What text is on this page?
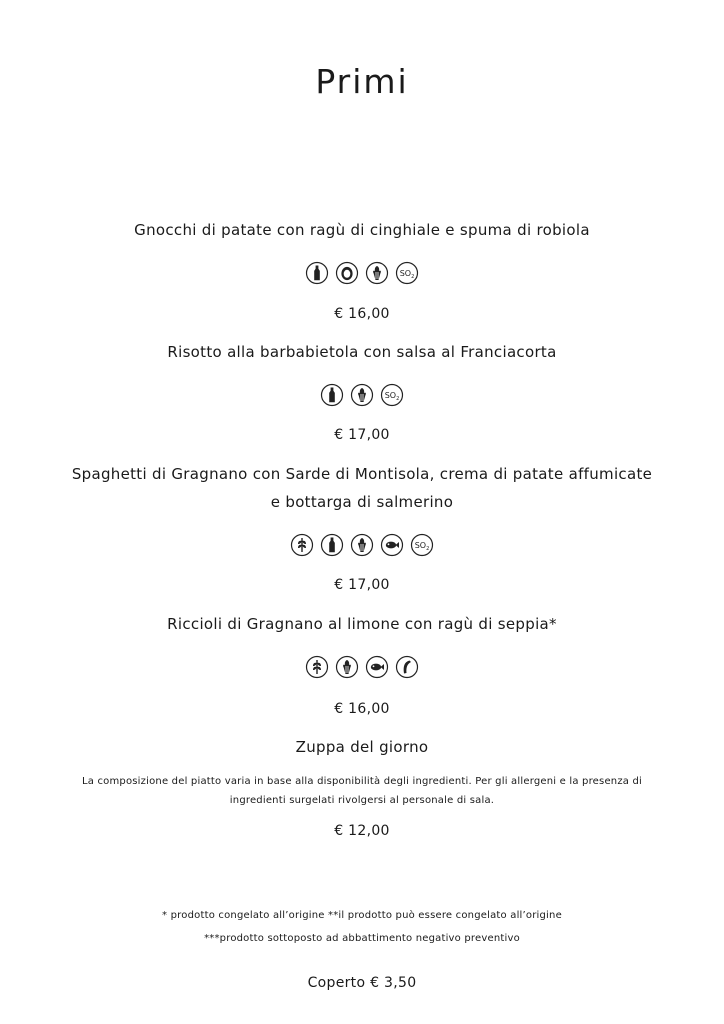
Primi
Gnocchi di patate con ragù di cinghiale e spuma di robiola
$SO_2$
€ 16,00
Risotto alla barbabietola con salsa al Franciacorta
$SO_2$
€ 17,00
Spaghetti di Gragnano con Sarde di Montisola, crema di patate affumicate
e bottarga di salmerino
$SO_2$
€ 17,00
Riccioli di Gragnano al limone con ragù di seppia*
€ 16,00
Zuppa del giorno
La composizione del piatto varia in base alla disponibilità degli ingredienti. Per gli allergeni e la presenza di
ingredienti surgelati rivolgersi al personale di sala.
€ 12,00
* prodotto congelato all’origine **il prodotto può essere congelato all’origine
***prodotto sottoposto ad abbattimento negativo preventivo
Coperto € 3,50
